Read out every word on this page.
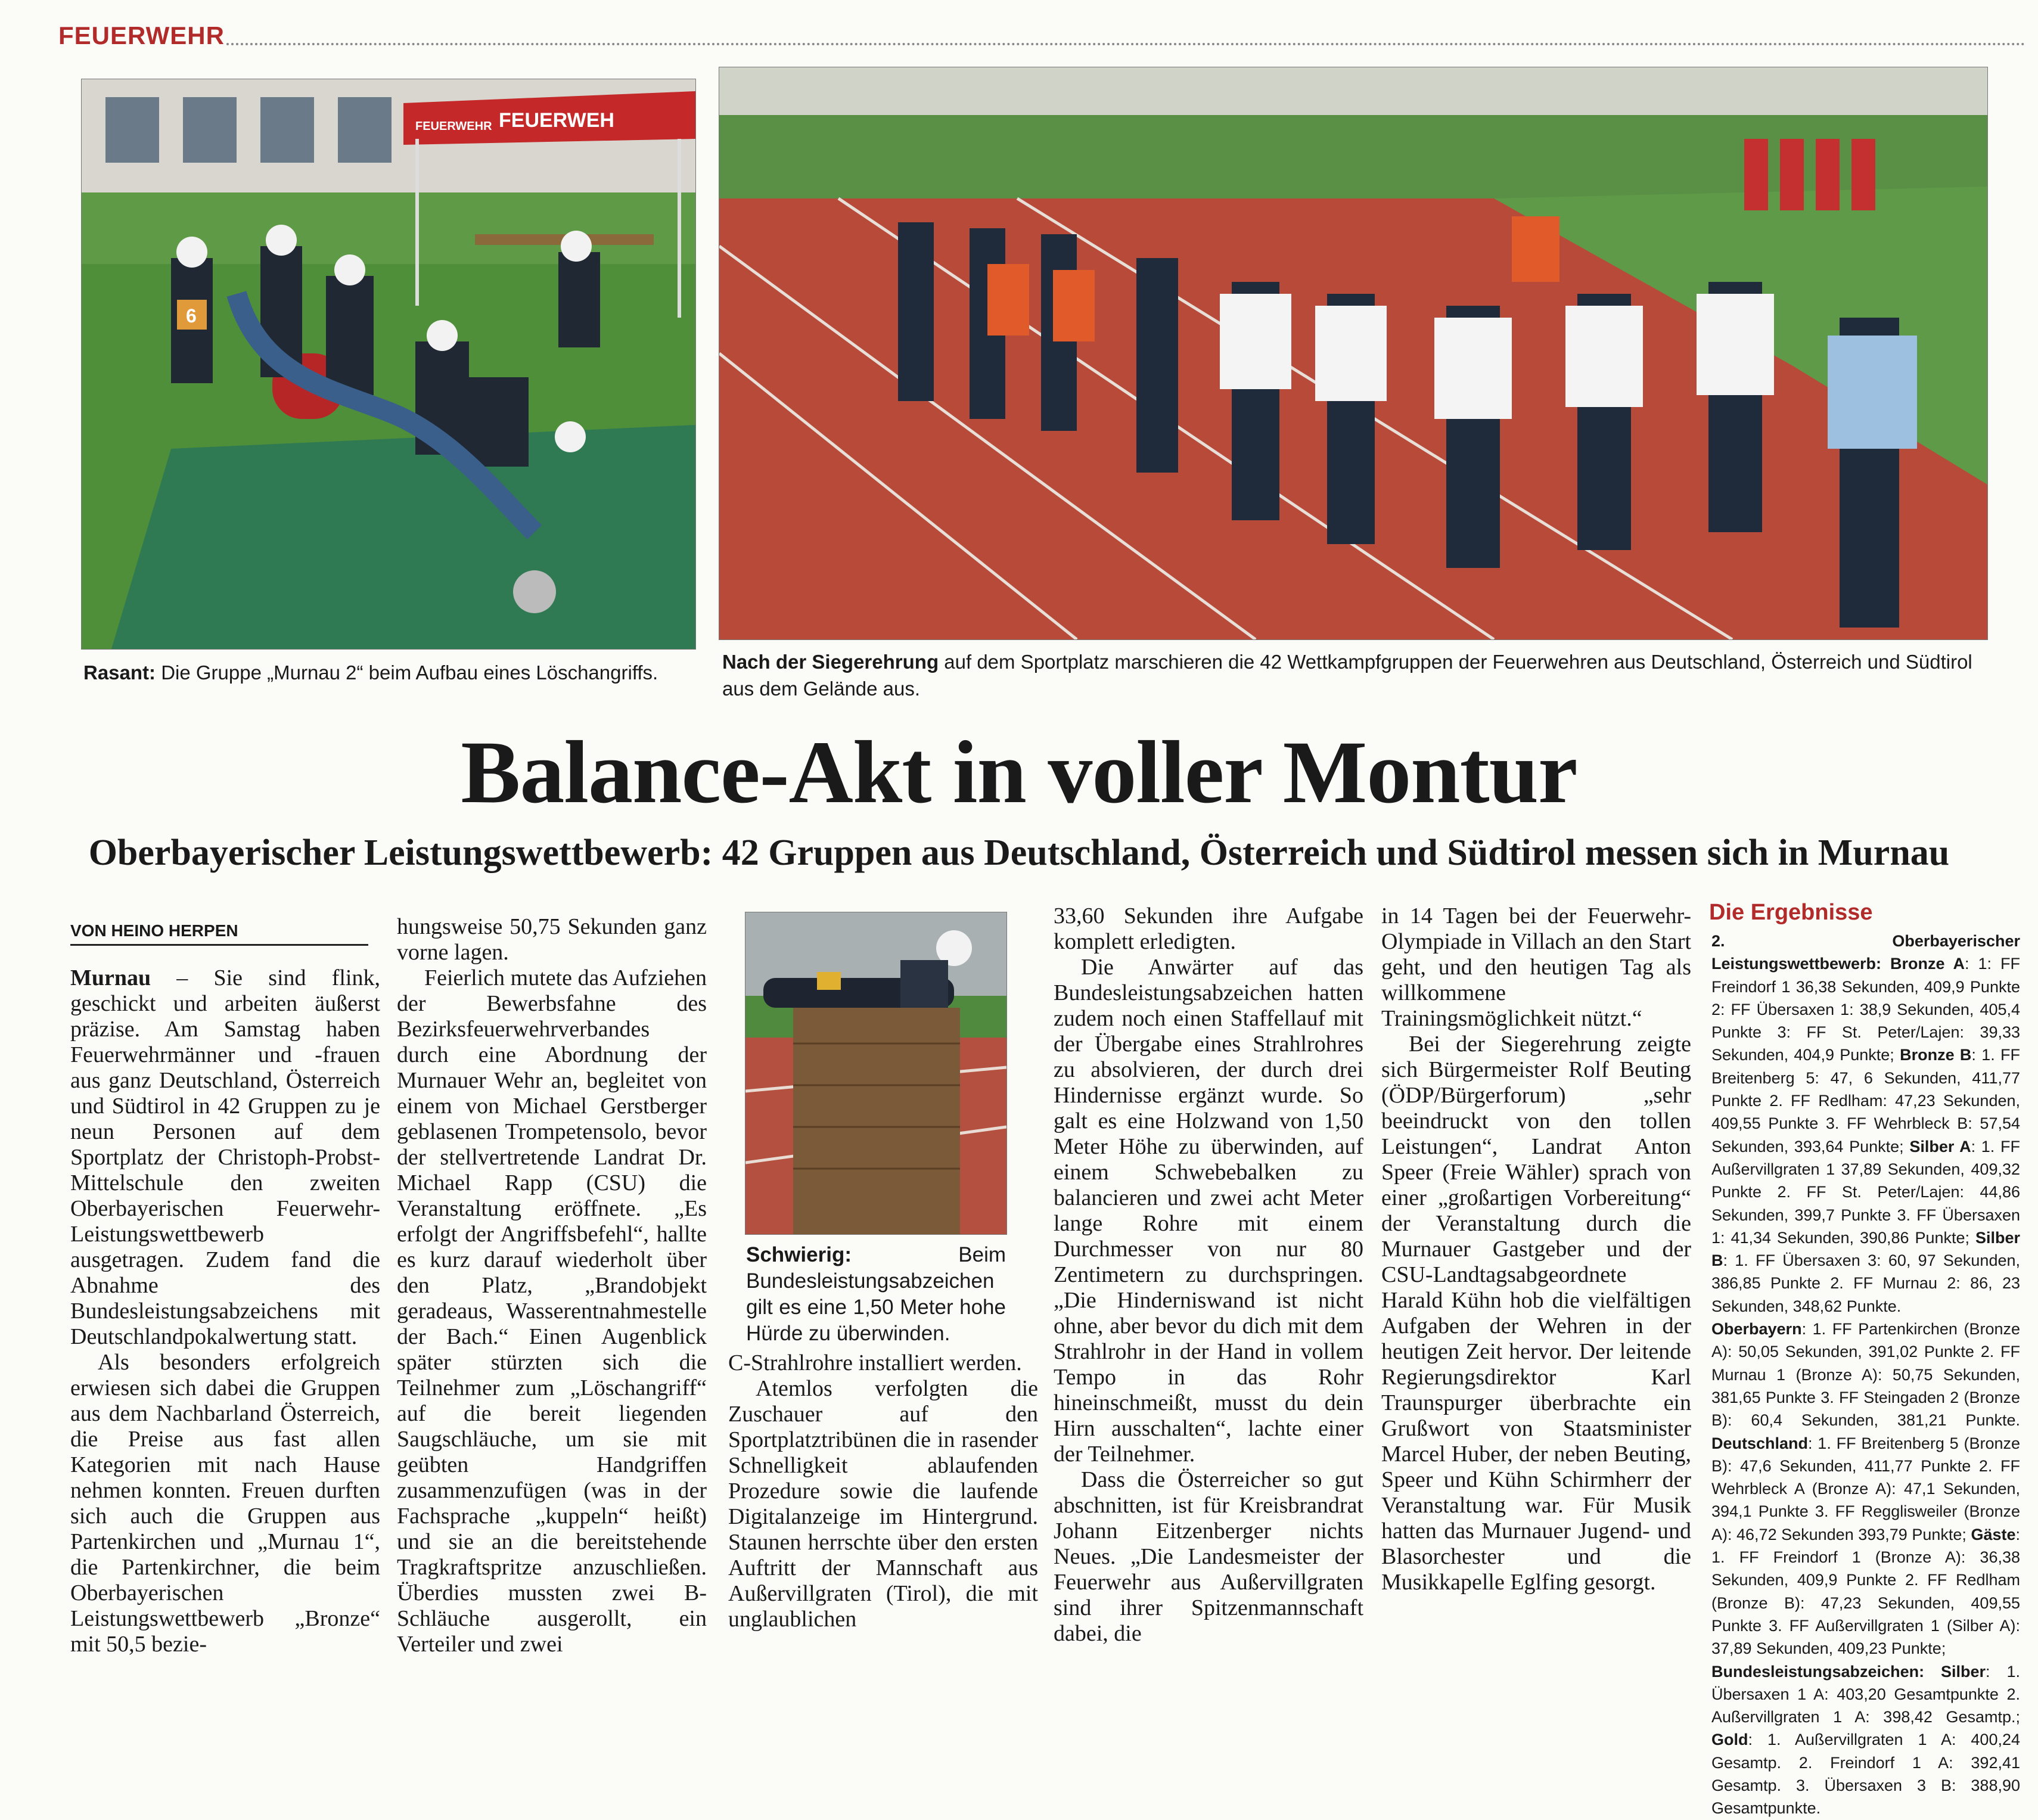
FEUERWEHR
FEUERWEH
FEUERWEHR
6
Rasant: Die Gruppe „Murnau 2“ beim Aufbau eines Löschangriffs.	Nach der Siegerehrung auf dem Sportplatz marschieren die 42 Wettkampfgruppen der Feuerwehren aus Deutschland, Österreich und Südtirol aus dem Gelände aus.
Balance-Akt in voller Montur
Oberbayerischer Leistungswettbewerb: 42 Gruppen aus Deutschland, Österreich und Südtirol messen sich in Murnau
VON HEINO HERPEN

Murnau – Sie sind flink, geschickt und arbeiten äußerst präzise. Am Samstag haben Feuerwehrmänner und -frauen aus ganz Deutschland, Österreich und Südtirol in 42 Gruppen zu je neun Personen auf dem Sportplatz der Christoph-Probst-Mittelschule den zweiten Oberbayerischen Feuerwehr-Leistungswettbewerb ausgetragen. Zudem fand die Abnahme des Bundesleistungsabzeichens mit Deutschlandpokalwertung statt.

Als besonders erfolgreich erwiesen sich dabei die Gruppen aus dem Nachbarland Österreich, die Preise aus fast allen Kategorien mit nach Hause nehmen konnten. Freuen durften sich auch die Gruppen aus Partenkirchen und „Murnau 1“, die Partenkirchner, die beim Oberbayerischen Leistungswettbewerb „Bronze“ mit 50,5 bezie-

hungsweise 50,75 Sekunden ganz vorne lagen.

Feierlich mutete das Aufziehen der Bewerbsfahne des Bezirksfeuerwehrverbandes durch eine Abordnung der Murnauer Wehr an, begleitet von einem von Michael Gerstberger geblasenen Trompetensolo, bevor der stellvertretende Landrat Dr. Michael Rapp (CSU) die Veranstaltung eröffnete. „Es erfolgt der Angriffsbefehl“, hallte es kurz darauf wiederholt über den Platz, „Brandobjekt geradeaus, Wasserentnahmestelle der Bach.“ Einen Augenblick später stürzten sich die Teilnehmer zum „Löschangriff“ auf die bereit liegenden Saugschläuche, um sie mit geübten Handgriffen zusammenzufügen (was in der Fachsprache „kuppeln“ heißt) und sie an die bereitstehende Tragkraftspritze anzuschließen. Überdies mussten zwei B-Schläuche ausgerollt, ein Verteiler und zwei

Schwierig: Beim Bundesleistungsabzeichen gilt es eine 1,50 Meter hohe Hürde zu überwinden.

C-Strahlrohre installiert werden.

Atemlos verfolgten die Zuschauer auf den Sportplatztribünen die in rasender Schnelligkeit ablaufenden Prozedure sowie die laufende Digitalanzeige im Hintergrund. Staunen herrschte über den ersten Auftritt der Mannschaft aus Außervillgraten (Tirol), die mit unglaublichen

33,60 Sekunden ihre Aufgabe komplett erledigten.

Die Anwärter auf das Bundesleistungsabzeichen hatten zudem noch einen Staffellauf mit der Übergabe eines Strahlrohres zu absolvieren, der durch drei Hindernisse ergänzt wurde. So galt es eine Holzwand von 1,50 Meter Höhe zu überwinden, auf einem Schwebebalken zu balancieren und zwei acht Meter lange Rohre mit einem Durchmesser von nur 80 Zentimetern zu durchspringen. „Die Hinderniswand ist nicht ohne, aber bevor du dich mit dem Strahlrohr in der Hand in vollem Tempo in das Rohr hineinschmeißt, musst du dein Hirn ausschalten“, lachte einer der Teilnehmer.

Dass die Österreicher so gut abschnitten, ist für Kreisbrandrat Johann Eitzenberger nichts Neues. „Die Landesmeister der Feuerwehr aus Außervillgraten sind ihrer Spitzenmannschaft dabei, die

in 14 Tagen bei der Feuerwehr-Olympiade in Villach an den Start geht, und den heutigen Tag als willkommene Trainingsmöglichkeit nützt.“

Bei der Siegerehrung zeigte sich Bürgermeister Rolf Beuting (ÖDP/Bürgerforum) „sehr beeindruckt von den tollen Leistungen“, Landrat Anton Speer (Freie Wähler) sprach von einer „großartigen Vorbereitung“ der Veranstaltung durch die Murnauer Gastgeber und der CSU-Landtagsabgeordnete Harald Kühn hob die vielfältigen Aufgaben der Wehren in der heutigen Zeit hervor. Der leitende Regierungsdirektor Karl Traunspurger überbrachte ein Grußwort von Staatsminister Marcel Huber, der neben Beuting, Speer und Kühn Schirmherr der Veranstaltung war. Für Musik hatten das Murnauer Jugend- und Blasorchester und die Musikkapelle Eglfing gesorgt.

Die Ergebnisse
2. Oberbayerischer Leistungswettbewerb: Bronze A: 1: FF Freindorf 1 36,38 Sekunden, 409,9 Punkte 2: FF Übersaxen 1: 38,9 Sekunden, 405,4 Punkte 3: FF St. Peter/Lajen: 39,33 Sekunden, 404,9 Punkte; Bronze B: 1. FF Breitenberg 5: 47, 6 Sekunden, 411,77 Punkte 2. FF Redlham: 47,23 Sekunden, 409,55 Punkte 3. FF Wehrbleck B: 57,54 Sekunden, 393,64 Punkte; Silber A: 1. FF Außervillgraten 1 37,89 Sekunden, 409,32 Punkte 2. FF St. Peter/Lajen: 44,86 Sekunden, 399,7 Punkte 3. FF Übersaxen 1: 41,34 Sekunden, 390,86 Punkte; Silber B: 1. FF Übersaxen 3: 60, 97 Sekunden, 386,85 Punkte 2. FF Murnau 2: 86, 23 Sekunden, 348,62 Punkte.
Oberbayern: 1. FF Partenkirchen (Bronze A): 50,05 Sekunden, 391,02 Punkte 2. FF Murnau 1 (Bronze A): 50,75 Sekunden, 381,65 Punkte 3. FF Steingaden 2 (Bronze B): 60,4 Sekunden, 381,21 Punkte. Deutschland: 1. FF Breitenberg 5 (Bronze B): 47,6 Sekunden, 411,77 Punkte 2. FF Wehrbleck A (Bronze A): 47,1 Sekunden, 394,1 Punkte 3. FF Regglisweiler (Bronze A): 46,72 Sekunden 393,79 Punkte; Gäste: 1. FF Freindorf 1 (Bronze A): 36,38 Sekunden, 409,9 Punkte 2. FF Redlham (Bronze B): 47,23 Sekunden, 409,55 Punkte 3. FF Außervillgraten 1 (Silber A): 37,89 Sekunden, 409,23 Punkte;
Bundesleistungsabzeichen: Silber: 1. Übersaxen 1 A: 403,20 Gesamtpunkte 2. Außervillgraten 1 A: 398,42 Gesamtp.; Gold: 1. Außervillgraten 1 A: 400,24 Gesamtp. 2. Freindorf 1 A: 392,41 Gesamtp. 3. Übersaxen 3 B: 388,90 Gesamtpunkte.
